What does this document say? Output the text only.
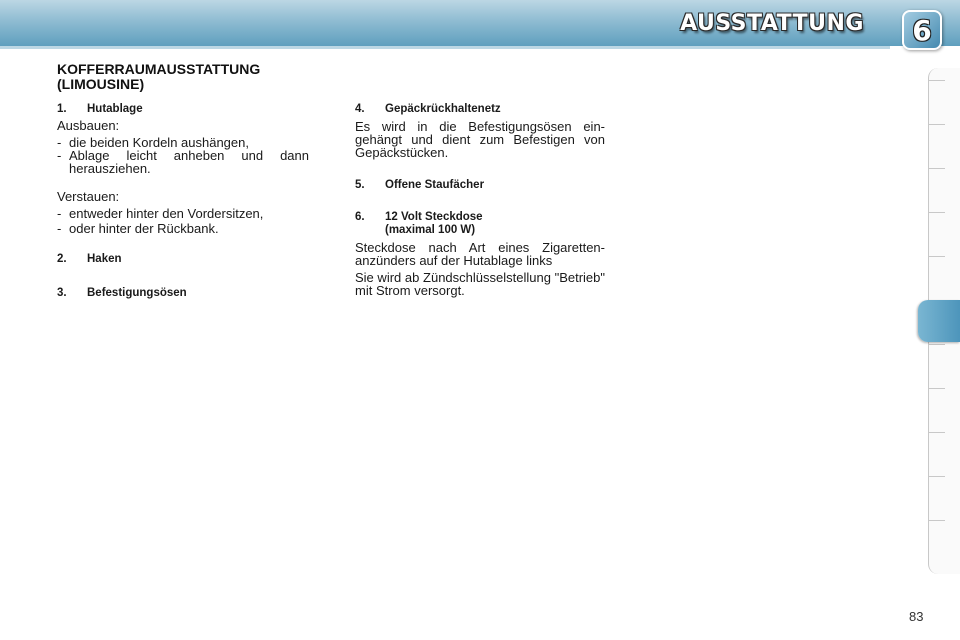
AUSSTATTUNG 6
KOFFERRAUMAUSSTATTUNG
(LIMOUSINE)
1.	Hutablage

Ausbauen:

- die beiden Kordeln aushängen,
- Ablage leicht anheben und dann herausziehen.

Verstauen:

- entweder hinter den Vordersitzen,
- oder hinter der Rückbank.
2.	Haken
3.	Befestigungsösen
4.	Gepäckrückhaltenetz

Es wird in die Befestigungsösen ein-gehängt und dient zum Befestigen von Gepäckstücken.

5.	Offene Staufächer
6.	12 Volt Steckdose
(maximal 100 W)

Steckdose nach Art eines Zigaretten-anzünders auf der Hutablage links

Sie wird ab Zündschlüsselstellung "Betrieb" mit Strom versorgt.

83
